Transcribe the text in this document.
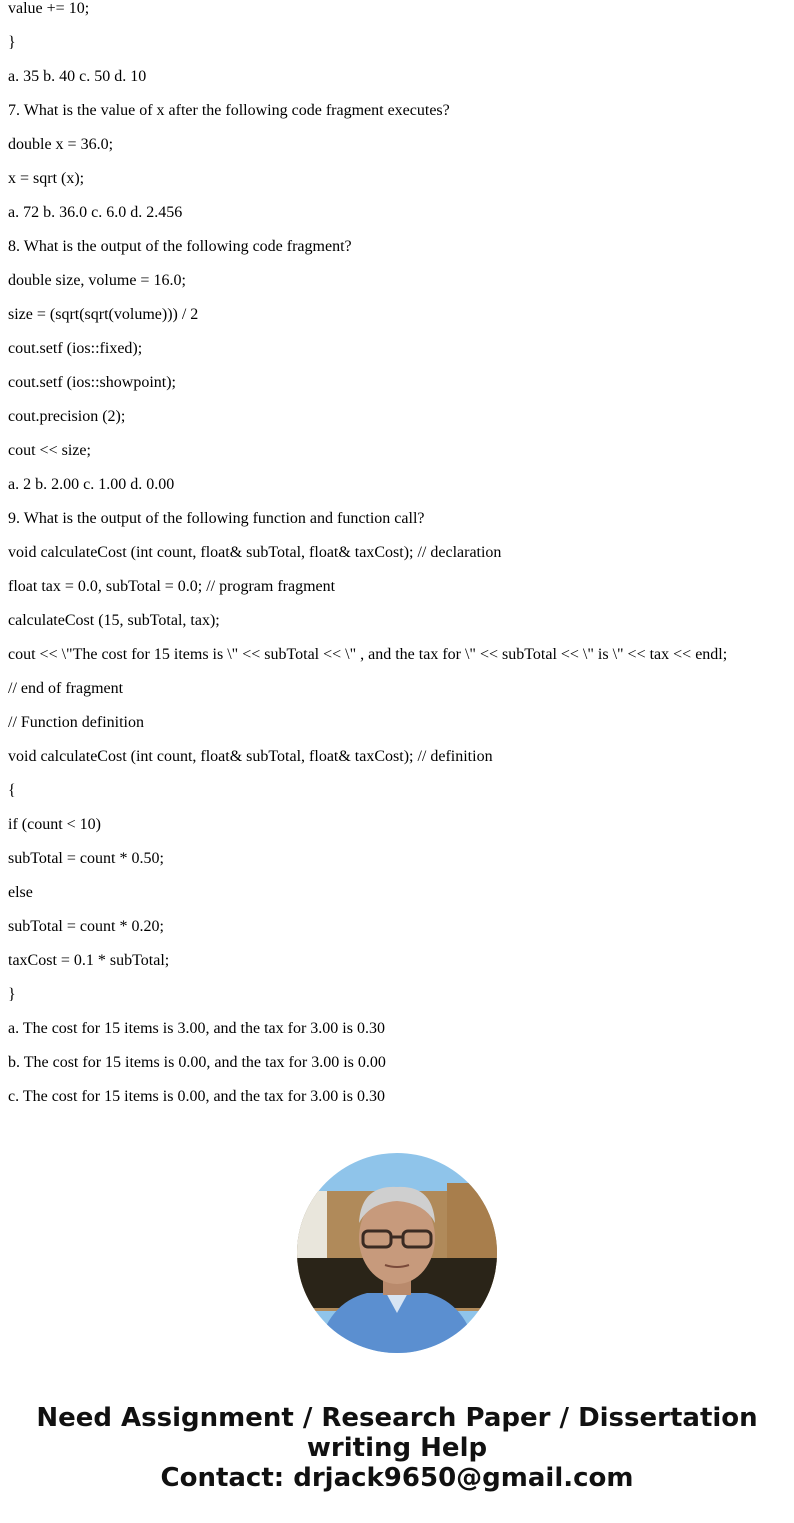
value += 10;
}
a. 35 b. 40 c. 50 d. 10
7. What is the value of x after the following code fragment executes?
double x = 36.0;
x = sqrt (x);
a. 72 b. 36.0 c. 6.0 d. 2.456
8. What is the output of the following code fragment?
double size, volume = 16.0;
size = (sqrt(sqrt(volume))) / 2
cout.setf (ios::fixed);
cout.setf (ios::showpoint);
cout.precision (2);
cout << size;
a. 2 b. 2.00 c. 1.00 d. 0.00
9. What is the output of the following function and function call?
void calculateCost (int count, float& subTotal, float& taxCost); // declaration
float tax = 0.0, subTotal = 0.0; // program fragment
calculateCost (15, subTotal, tax);
cout << \"The cost for 15 items is \" << subTotal << \" , and the tax for \" << subTotal << \" is \" << tax << endl;
// end of fragment
// Function definition
void calculateCost (int count, float& subTotal, float& taxCost); // definition
{
if (count < 10)
subTotal = count * 0.50;
else
subTotal = count * 0.20;
taxCost = 0.1 * subTotal;
}
a. The cost for 15 items is 3.00, and the tax for 3.00 is 0.30
b. The cost for 15 items is 0.00, and the tax for 3.00 is 0.00
c. The cost for 15 items is 0.00, and the tax for 3.00 is 0.30
Need Assignment / Research Paper / Dissertation
writing Help
Contact: drjack9650@gmail.com
